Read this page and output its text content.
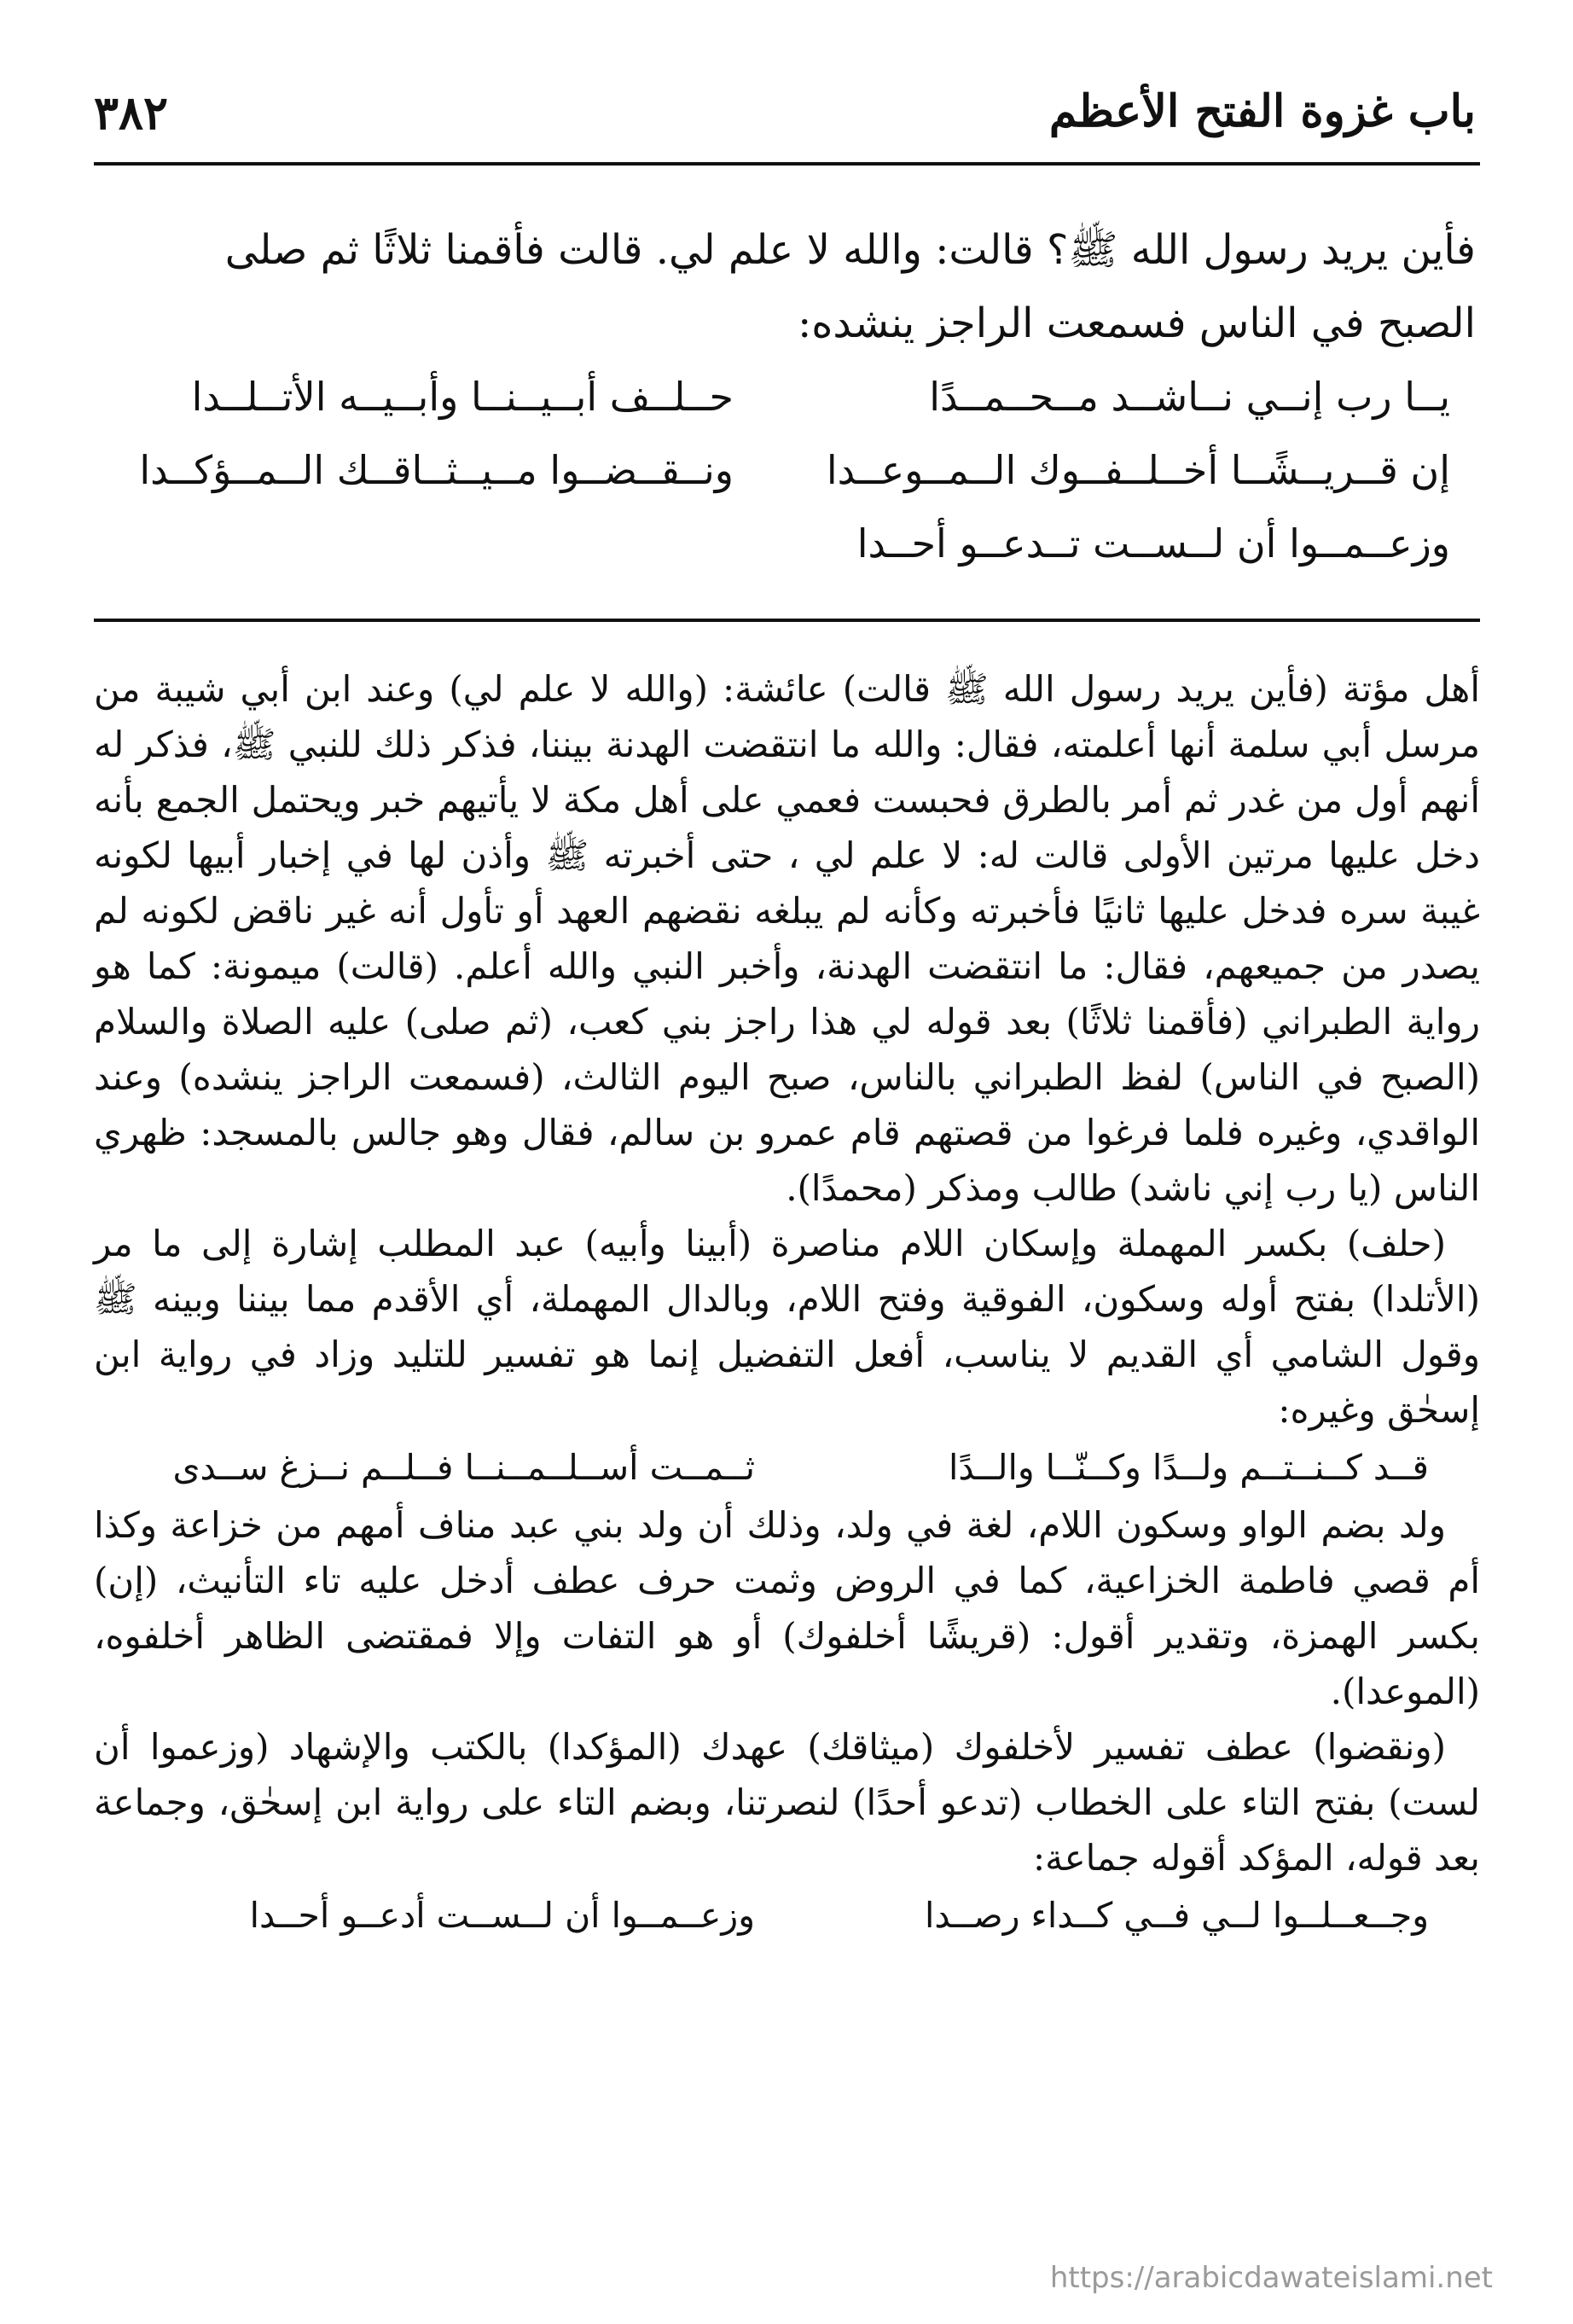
باب غزوة الفتح الأعظم
٣٨٢

فأين يريد رسول الله ﷺ؟ قالت: والله لا علم لي. قالت فأقمنا ثلاثًا ثم صلى

الصبح في الناس فسمعت الراجز ينشده:

يــا رب إنــي نــاشــد مــحــمــدًا
حــلــف أبــيــنــا وأبــيــه الأتــلــدا
إن قــريــشًــا أخــلــفــوك الــمــوعــدا
ونــقــضــوا مــيــثــاقــك الــمــؤكــدا
وزعــمــوا أن لــســت تــدعــو أحــدا

أهل مؤتة (فأين يريد رسول الله ﷺ قالت) عائشة: (والله لا علم لي) وعند ابن أبي شيبة من مرسل أبي سلمة أنها أعلمته، فقال: والله ما انتقضت الهدنة بيننا، فذكر ذلك للنبي ﷺ، فذكر له أنهم أول من غدر ثم أمر بالطرق فحبست فعمي على أهل مكة لا يأتيهم خبر ويحتمل الجمع بأنه دخل عليها مرتين الأولى قالت له: لا علم لي ، حتى أخبرته ﷺ وأذن لها في إخبار أبيها لكونه غيبة سره فدخل عليها ثانيًا فأخبرته وكأنه لم يبلغه نقضهم العهد أو تأول أنه غير ناقض لكونه لم يصدر من جميعهم، فقال: ما انتقضت الهدنة، وأخبر النبي والله أعلم. (قالت) ميمونة: كما هو رواية الطبراني (فأقمنا ثلاثًا) بعد قوله لي هذا راجز بني كعب، (ثم صلى) عليه الصلاة والسلام (الصبح في الناس) لفظ الطبراني بالناس، صبح اليوم الثالث، (فسمعت الراجز ينشده) وعند الواقدي، وغيره فلما فرغوا من قصتهم قام عمرو بن سالم، فقال وهو جالس بالمسجد: ظهري الناس (يا رب إني ناشد) طالب ومذكر (محمدًا).

(حلف) بكسر المهملة وإسكان اللام مناصرة (أبينا وأبيه) عبد المطلب إشارة إلى ما مر (الأتلدا) بفتح أوله وسكون، الفوقية وفتح اللام، وبالدال المهملة، أي الأقدم مما بيننا وبينه ﷺ وقول الشامي أي القديم لا يناسب، أفعل التفضيل إنما هو تفسير للتليد وزاد في رواية ابن إسحٰق وغيره:

قــد كــنــتــم ولــدًا وكــنّــا والــدًا
ثــمــت أســلــمــنــا فــلــم نــزغ ســدى

ولد بضم الواو وسكون اللام، لغة في ولد، وذلك أن ولد بني عبد مناف أمهم من خزاعة وكذا أم قصي فاطمة الخزاعية، كما في الروض وثمت حرف عطف أدخل عليه تاء التأنيث، (إن) بكسر الهمزة، وتقدير أقول: (قريشًا أخلفوك) أو هو التفات وإلا فمقتضى الظاهر أخلفوه، (الموعدا).

(ونقضوا) عطف تفسير لأخلفوك (ميثاقك) عهدك (المؤكدا) بالكتب والإشهاد (وزعموا أن لست) بفتح التاء على الخطاب (تدعو أحدًا) لنصرتنا، وبضم التاء على رواية ابن إسحٰق، وجماعة بعد قوله، المؤكد أقوله جماعة:

وجــعــلــوا لــي فــي كــداء رصــدا
وزعــمــوا أن لــســت أدعــو أحــدا
https://arabicdawateislami.net
